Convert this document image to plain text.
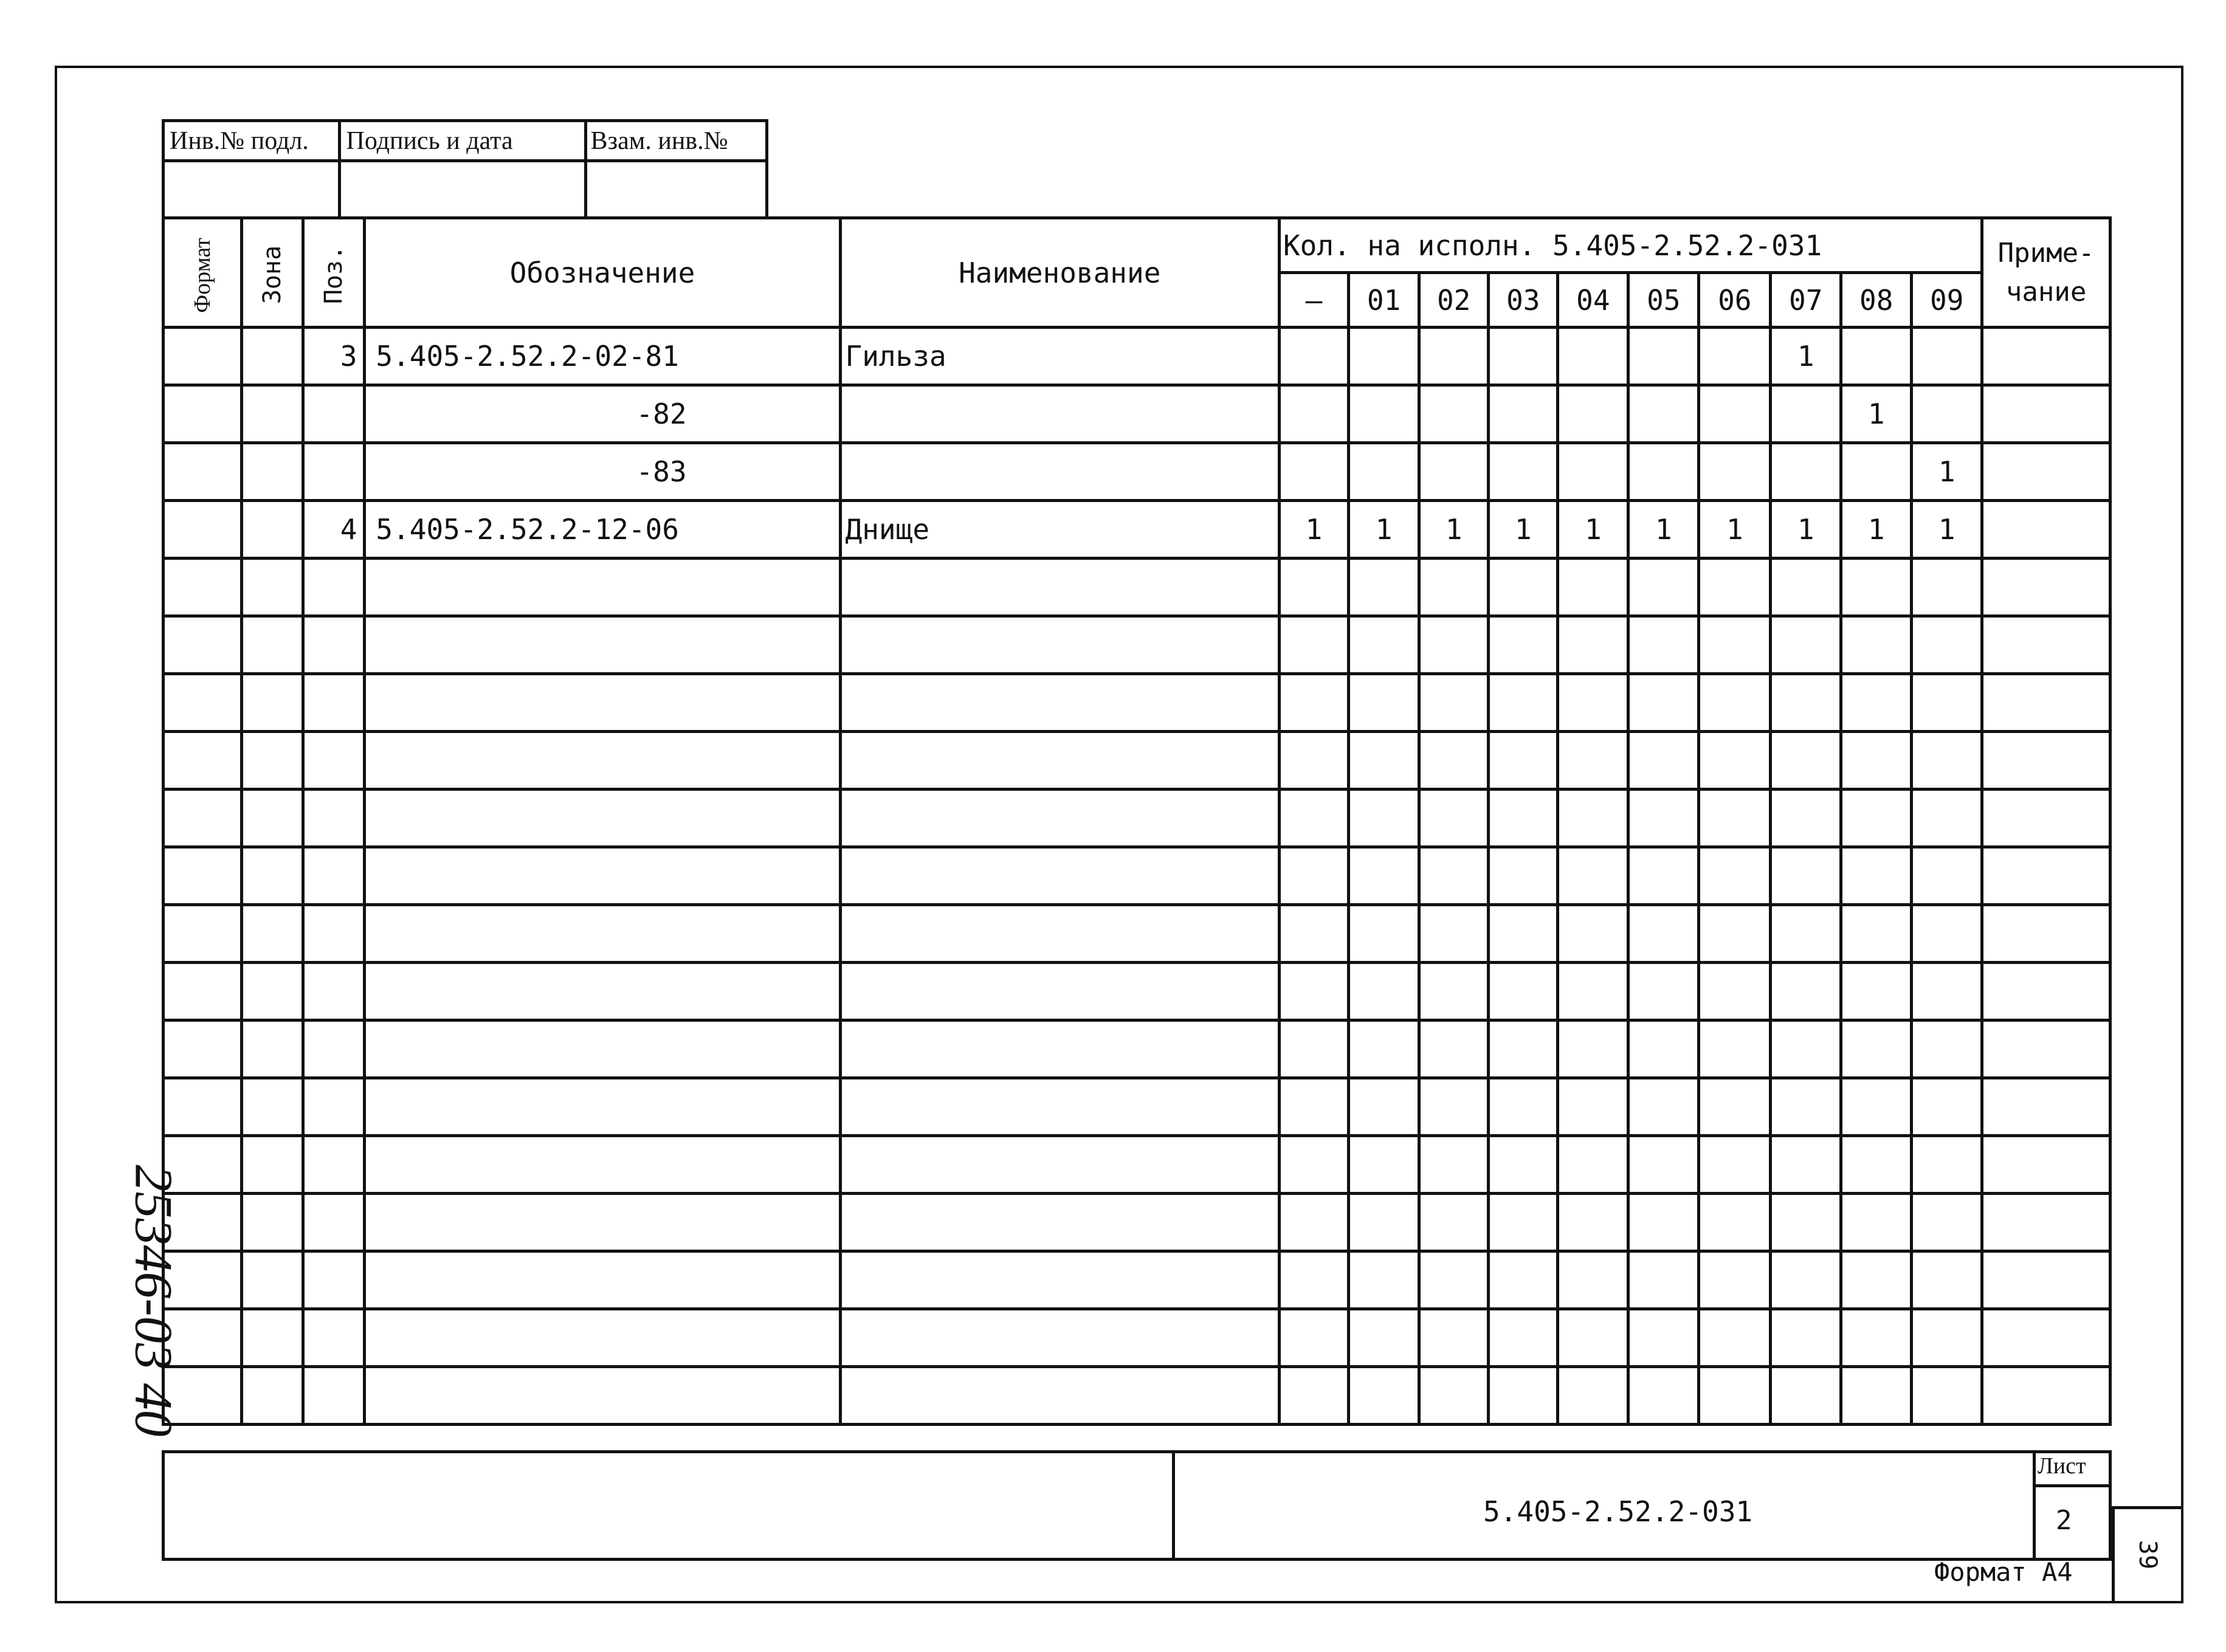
Инв.№ подл.	Подпись и дата	Взам. инв.№

Формат	Зона	Поз.	Обозначение	Наименование	Кол. на исполн. 5.405-2.52.2-031										Приме-
чание
					–	01	02	03	04	05	06	07	08	09	
		3	5.405-2.52.2-02-81	Гильза								1			
			-82										1		
			-83											1	
		4	5.405-2.52.2-12-06	Днище	1	1	1	1	1	1	1	1	1	1	

Лист
2
5.405-2.52.2-031
Формат А4
39
25346-03 40
